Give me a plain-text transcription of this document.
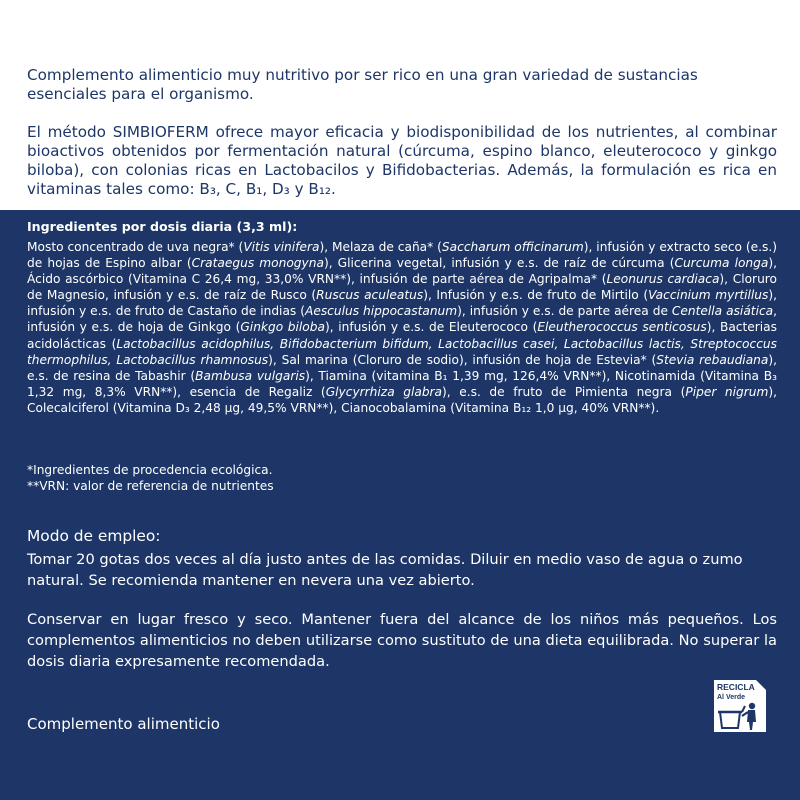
Complemento alimenticio muy nutritivo por ser rico en una gran variedad de sustancias esenciales para el organismo.

El método SIMBIOFERM ofrece mayor eficacia y biodisponibilidad de los nutrientes, al combinar bioactivos obtenidos por fermentación natural (cúrcuma, espino blanco, eleuterococo y ginkgo biloba), con colonias ricas en Lactobacilos y Bifidobacterias. Además, la formulación es rica en vitaminas tales como: B₃, C, B₁, D₃ y B₁₂.

Ingredientes por dosis diaria (3,3 ml):

Mosto concentrado de uva negra* (Vitis vinifera), Melaza de caña* (Saccharum officinarum), infusión y extracto seco (e.s.) de hojas de Espino albar (Crataegus monogyna), Glicerina vegetal, infusión y e.s. de raíz de cúrcuma (Curcuma longa), Ácido ascórbico (Vitamina C 26,4 mg, 33,0% VRN**), infusión de parte aérea de Agripalma* (Leonurus cardiaca), Cloruro de Magnesio, infusión y e.s. de raíz de Rusco (Ruscus aculeatus), Infusión y e.s. de fruto de Mirtilo (Vaccinium myrtillus), infusión y e.s. de fruto de Castaño de indias (Aesculus hippocastanum), infusión y e.s. de parte aérea de Centella asiática, infusión y e.s. de hoja de Ginkgo (Ginkgo biloba), infusión y e.s. de Eleuterococo (Eleutherococcus senticosus), Bacterias acidolácticas (Lactobacillus acidophilus, Bifidobacterium bifidum, Lactobacillus casei, Lactobacillus lactis, Streptococcus thermophilus, Lactobacillus rhamnosus), Sal marina (Cloruro de sodio), infusión de hoja de Estevia* (Stevia rebaudiana), e.s. de resina de Tabashir (Bambusa vulgaris), Tiamina (vitamina B₁ 1,39 mg, 126,4% VRN**), Nicotinamida (Vitamina B₃ 1,32 mg, 8,3% VRN**), esencia de Regaliz (Glycyrrhiza glabra), e.s. de fruto de Pimienta negra (Piper nigrum), Colecalciferol (Vitamina D₃ 2,48 µg, 49,5% VRN**), Cianocobalamina (Vitamina B₁₂ 1,0 µg, 40% VRN**).

*Ingredientes de procedencia ecológica.
**VRN: valor de referencia de nutrientes

Modo de empleo:

Tomar 20 gotas dos veces al día justo antes de las comidas. Diluir en medio vaso de agua o zumo natural. Se recomienda mantener en nevera una vez abierto.

Conservar en lugar fresco y seco. Mantener fuera del alcance de los niños más pequeños. Los complementos alimenticios no deben utilizarse como sustituto de una dieta equilibrada. No superar la dosis diaria expresamente recomendada.

Complemento alimenticio

RECICLA
Al Verde
